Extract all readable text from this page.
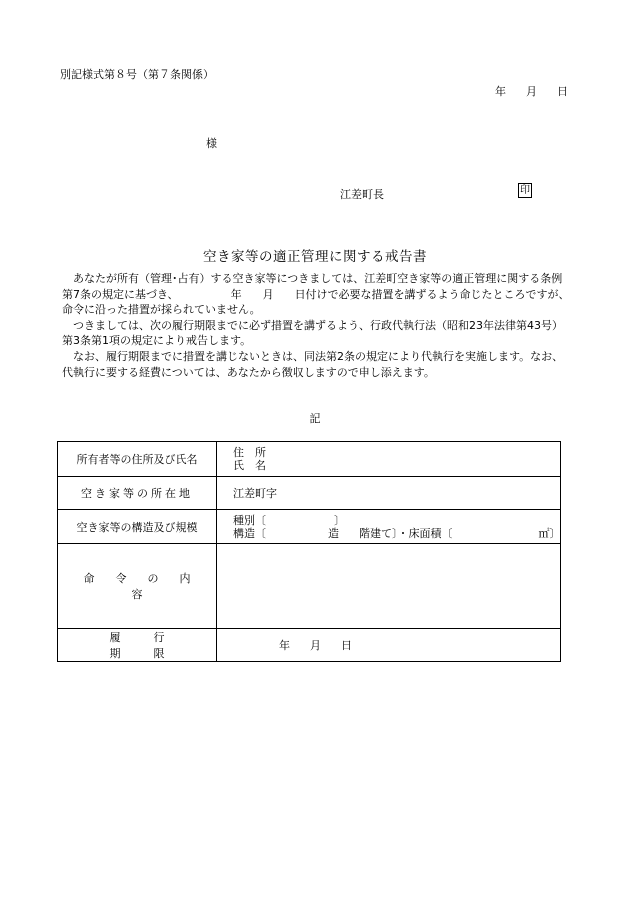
別記様式第８号（第７条関係）
年 月 日
様
江差町長	印
空き家等の適正管理に関する戒告書

あなたが所有（管理･占有）する空き家等につきましては、江差町空き家等の適正管理に関する条例

第7条の規定に基づき、	年 月 日付けで必要な措置を講ずるよう命じたところですが、

命令に沿った措置が採られていません。

つきましては、次の履行期限までに必ず措置を講ずるよう、行政代執行法（昭和23年法律第43号）

第3条第1項の規定により戒告します。

なお、履行期限までに措置を講じないときは、同法第2条の規定により代執行を実施します。なお、

代執行に要する経費については、あなたから徴収しますので申し添えます。

記
所有者等の住所及び氏名	住　所
氏　名

空き家等の所在地	江差町字
空き家等の構造及び規模	種別〔 〕
構造〔 造 階建て〕・床面積〔 ㎡〕

命令の内容	
履行期限	年 月 日
